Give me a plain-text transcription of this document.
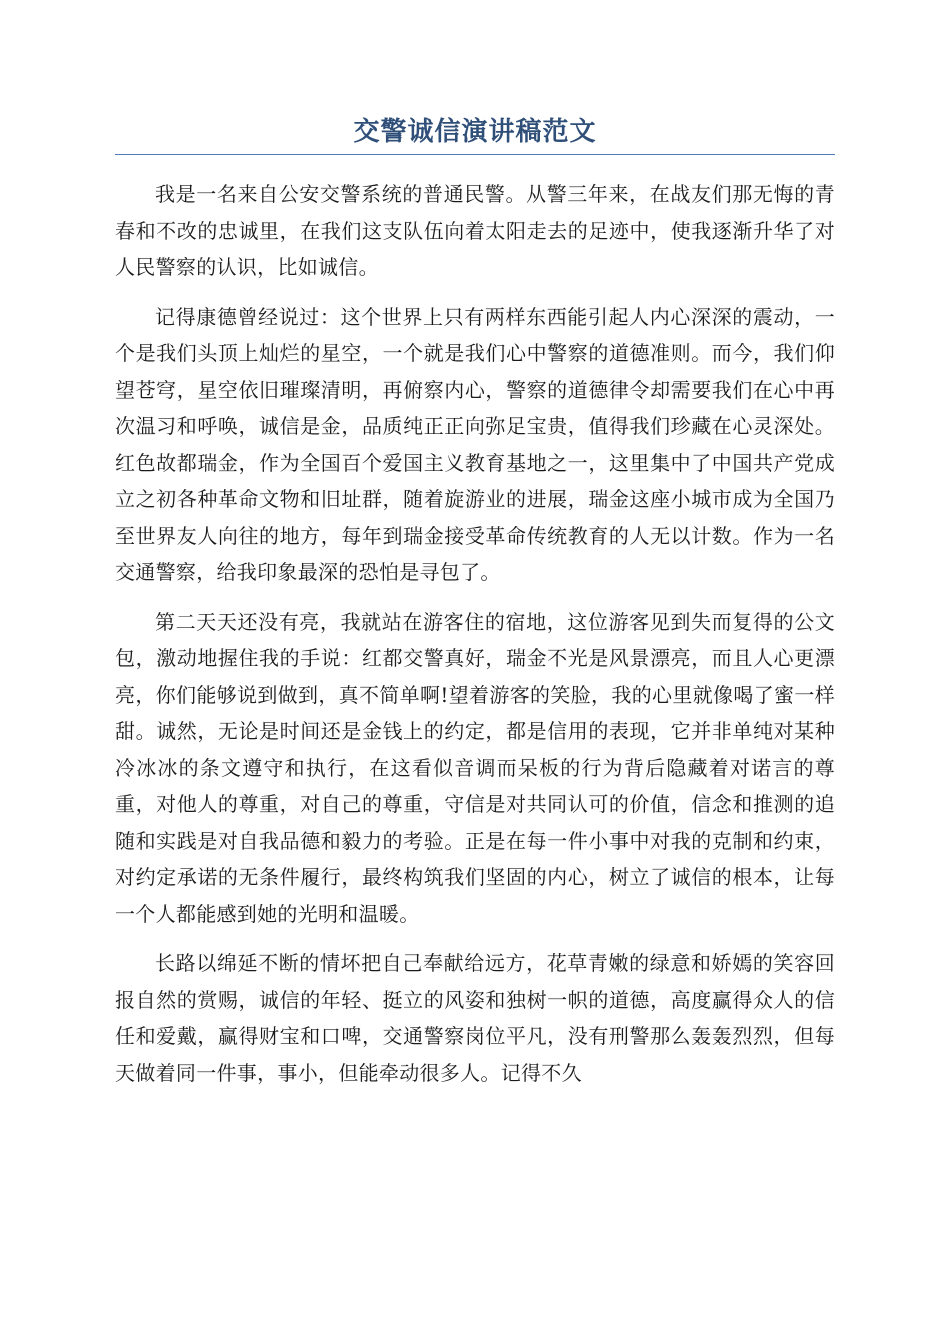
交警诚信演讲稿范文

我是一名来自公安交警系统的普通民警。从警三年来，在战友们那无悔的青春和不改的忠诚里，在我们这支队伍向着太阳走去的足迹中，使我逐渐升华了对人民警察的认识，比如诚信。

记得康德曾经说过：这个世界上只有两样东西能引起人内心深深的震动，一个是我们头顶上灿烂的星空，一个就是我们心中警察的道德准则。而今，我们仰望苍穹，星空依旧璀璨清明，再俯察内心，警察的道德律令却需要我们在心中再次温习和呼唤，诚信是金，品质纯正正向弥足宝贵，值得我们珍藏在心灵深处。红色故都瑞金，作为全国百个爱国主义教育基地之一，这里集中了中国共产党成立之初各种革命文物和旧址群，随着旋游业的进展，瑞金这座小城市成为全国乃至世界友人向往的地方，每年到瑞金接受革命传统教育的人无以计数。作为一名交通警察，给我印象最深的恐怕是寻包了。

第二天天还没有亮，我就站在游客住的宿地，这位游客见到失而复得的公文包，激动地握住我的手说：红都交警真好，瑞金不光是风景漂亮，而且人心更漂亮，你们能够说到做到，真不简单啊!望着游客的笑脸，我的心里就像喝了蜜一样甜。诚然，无论是时间还是金钱上的约定，都是信用的表现，它并非单纯对某种冷冰冰的条文遵守和执行，在这看似音调而呆板的行为背后隐藏着对诺言的尊重，对他人的尊重，对自己的尊重，守信是对共同认可的价值，信念和推测的追随和实践是对自我品德和毅力的考验。正是在每一件小事中对我的克制和约束，对约定承诺的无条件履行，最终构筑我们坚固的内心，树立了诚信的根本，让每一个人都能感到她的光明和温暖。

长路以绵延不断的情坏把自己奉献给远方，花草青嫩的绿意和娇嫣的笑容回报自然的赏赐，诚信的年轻、挺立的风姿和独树一帜的道德，高度赢得众人的信任和爱戴，赢得财宝和口啤，交通警察岗位平凡，没有刑警那么轰轰烈烈，但每天做着同一件事，事小，但能牵动很多人。记得不久
